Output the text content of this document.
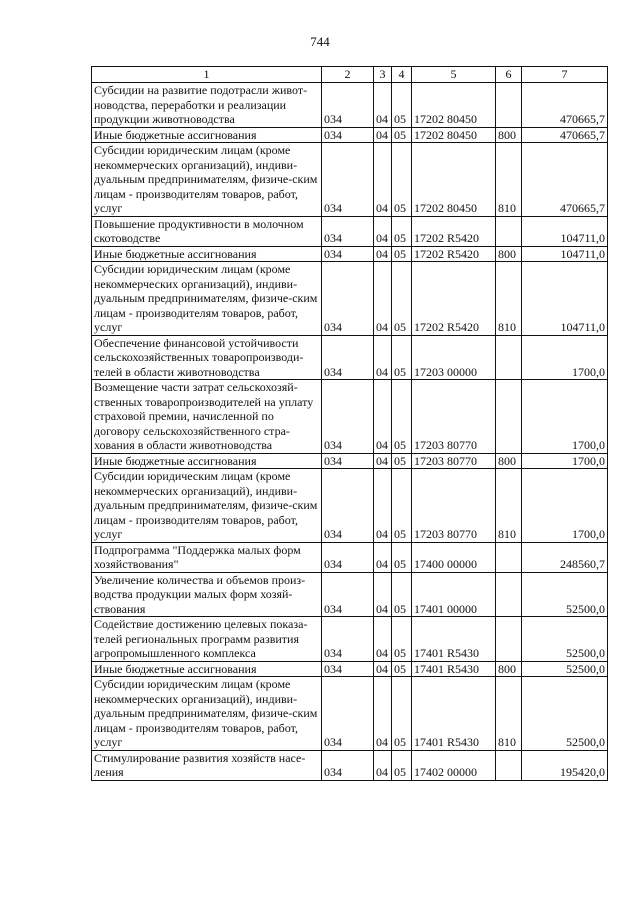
744
1	2	3	4	5	6	7
Субсидии на развитие подотрасли живот-новодства, переработки и реализации продукции животноводства	034	04	05	17202 80450		470665,7
Иные бюджетные ассигнования	034	04	05	17202 80450	800	470665,7
Субсидии юридическим лицам (кроме некоммерческих организаций), индиви-дуальным предпринимателям, физиче-ским лицам - производителям товаров, работ, услуг	034	04	05	17202 80450	810	470665,7
Повышение продуктивности в молочном скотоводстве	034	04	05	17202 R5420		104711,0
Иные бюджетные ассигнования	034	04	05	17202 R5420	800	104711,0
Субсидии юридическим лицам (кроме некоммерческих организаций), индиви-дуальным предпринимателям, физиче-ским лицам - производителям товаров, работ, услуг	034	04	05	17202 R5420	810	104711,0
Обеспечение финансовой устойчивости сельскохозяйственных товаропроизводи-телей в области животноводства	034	04	05	17203 00000		1700,0
Возмещение части затрат сельскохозяй-ственных товаропроизводителей на уплату страховой премии, начисленной по договору сельскохозяйственного стра-хования в области животноводства	034	04	05	17203 80770		1700,0
Иные бюджетные ассигнования	034	04	05	17203 80770	800	1700,0
Субсидии юридическим лицам (кроме некоммерческих организаций), индиви-дуальным предпринимателям, физиче-ским лицам - производителям товаров, работ, услуг	034	04	05	17203 80770	810	1700,0
Подпрограмма "Поддержка малых форм хозяйствования"	034	04	05	17400 00000		248560,7
Увеличение количества и объемов произ-водства продукции малых форм хозяй-ствования	034	04	05	17401 00000		52500,0
Содействие достижению целевых показа-телей региональных программ развития агропромышленного комплекса	034	04	05	17401 R5430		52500,0
Иные бюджетные ассигнования	034	04	05	17401 R5430	800	52500,0
Субсидии юридическим лицам (кроме некоммерческих организаций), индиви-дуальным предпринимателям, физиче-ским лицам - производителям товаров, работ, услуг	034	04	05	17401 R5430	810	52500,0
Стимулирование развития хозяйств насе-ления	034	04	05	17402 00000		195420,0
